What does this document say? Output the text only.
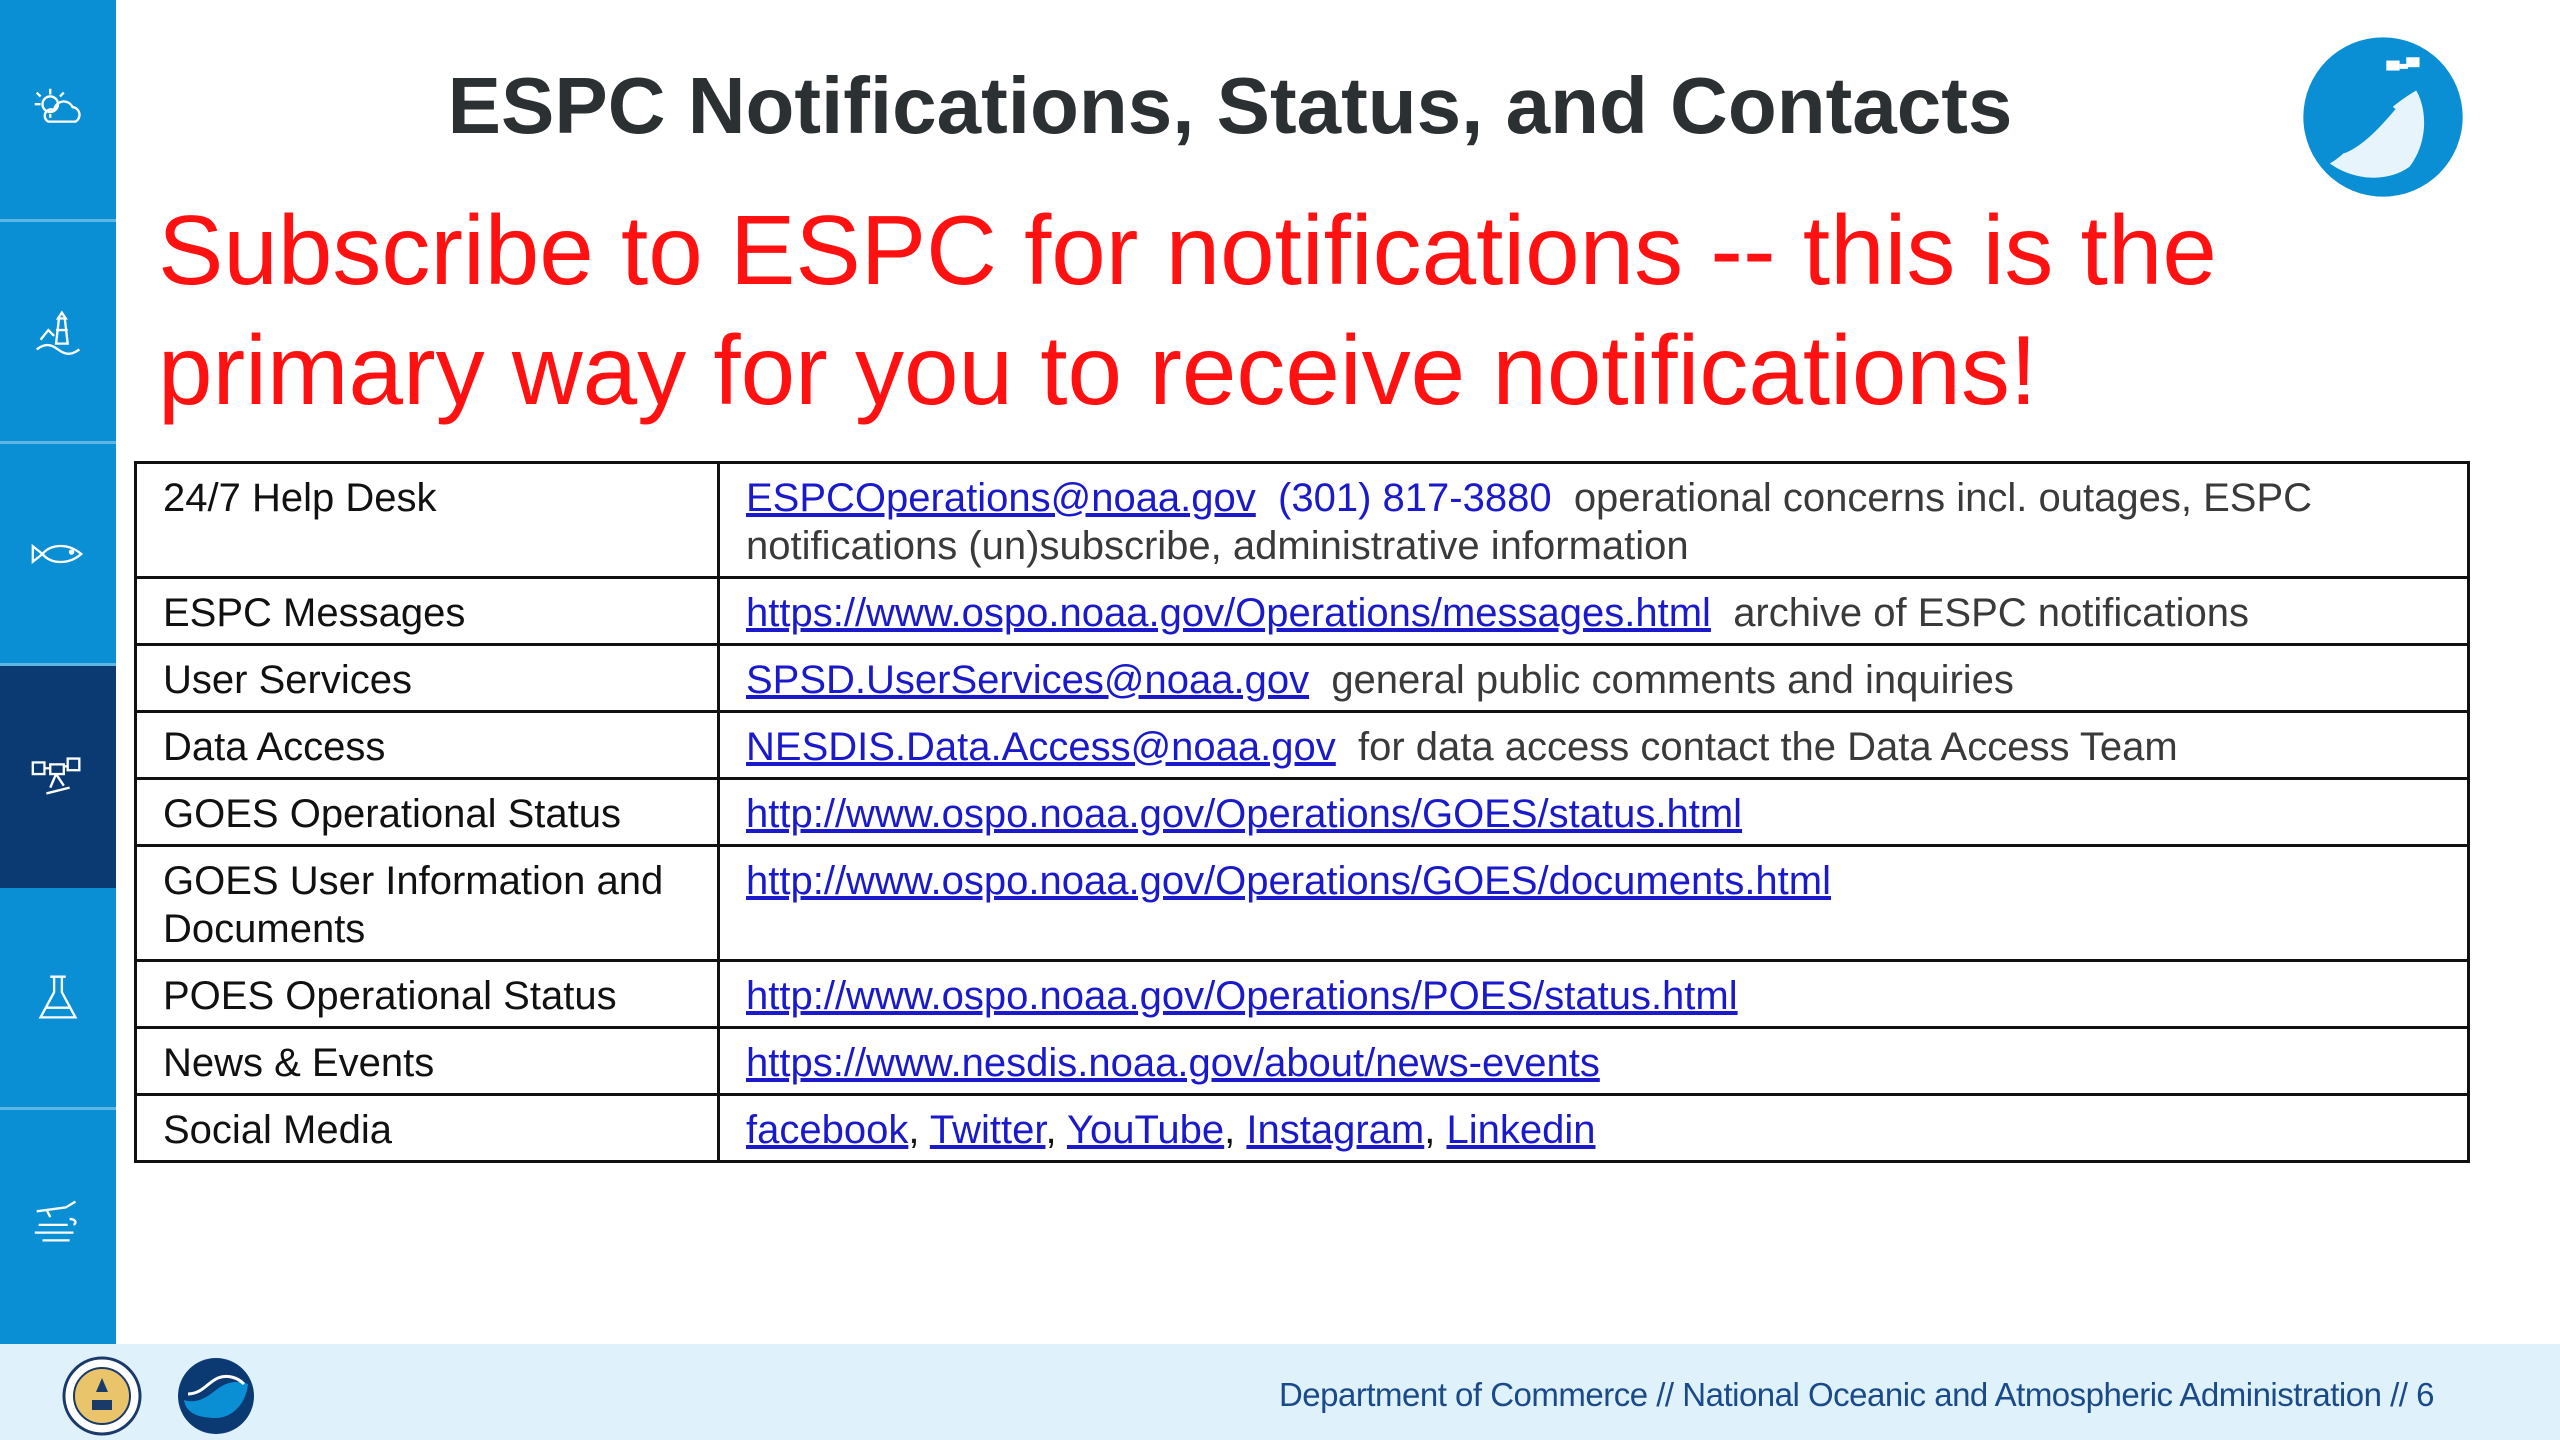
ESPC Notifications, Status, and Contacts
Subscribe to ESPC for notifications -- this is the primary way for you to receive notifications!
24/7 Help Desk	ESPCOperations@noaa.gov (301) 817-3880 operational concerns incl. outages, ESPC notifications (un)subscribe, administrative information
ESPC Messages	https://www.ospo.noaa.gov/Operations/messages.html archive of ESPC notifications
User Services	SPSD.UserServices@noaa.gov general public comments and inquiries
Data Access	NESDIS.Data.Access@noaa.gov for data access contact the Data Access Team
GOES Operational Status	http://www.ospo.noaa.gov/Operations/GOES/status.html
GOES User Information and Documents	http://www.ospo.noaa.gov/Operations/GOES/documents.html
POES Operational Status	http://www.ospo.noaa.gov/Operations/POES/status.html
News & Events	https://www.nesdis.noaa.gov/about/news-events
Social Media	facebook, Twitter, YouTube, Instagram, Linkedin
Department of Commerce // National Oceanic and Atmospheric Administration // 6
